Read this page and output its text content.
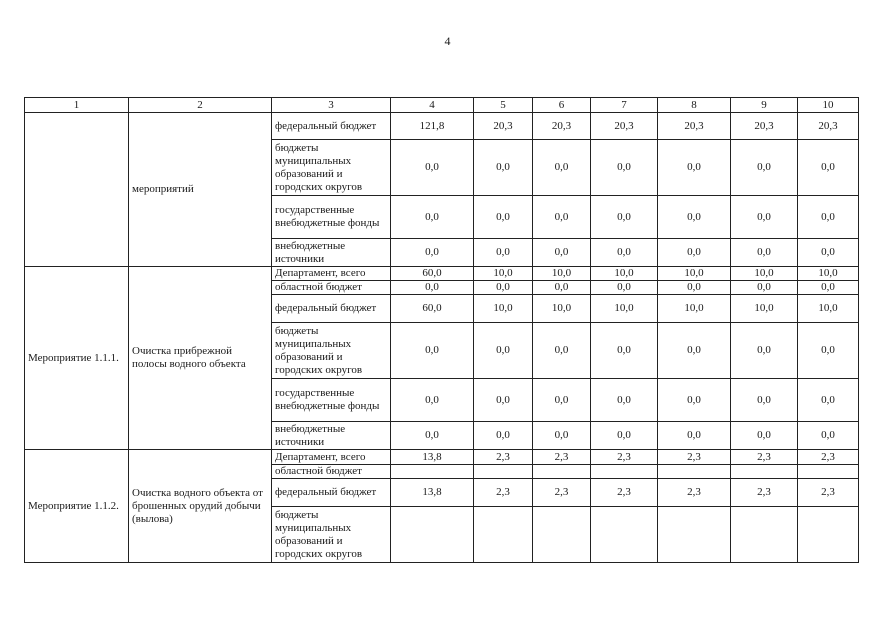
4
1	2	3	4	5	6	7	8	9	10
	мероприятий	федеральный бюджет	121,8	20,3	20,3	20,3	20,3	20,3	20,3
		бюджеты муниципальных образований и городских округов	0,0	0,0	0,0	0,0	0,0	0,0	0,0
		государственные внебюджетные фонды	0,0	0,0	0,0	0,0	0,0	0,0	0,0
		внебюджетные источники	0,0	0,0	0,0	0,0	0,0	0,0	0,0
Мероприятие 1.1.1.	Очистка прибрежной полосы водного объекта	Департамент, всего	60,0	10,0	10,0	10,0	10,0	10,0	10,0
		областной бюджет	0,0	0,0	0,0	0,0	0,0	0,0	0,0
		федеральный бюджет	60,0	10,0	10,0	10,0	10,0	10,0	10,0
		бюджеты муниципальных образований и городских округов	0,0	0,0	0,0	0,0	0,0	0,0	0,0
		государственные внебюджетные фонды	0,0	0,0	0,0	0,0	0,0	0,0	0,0
		внебюджетные источники	0,0	0,0	0,0	0,0	0,0	0,0	0,0
Мероприятие 1.1.2.	Очистка водного объекта от брошенных орудий добычи (вылова)	Департамент, всего	13,8	2,3	2,3	2,3	2,3	2,3	2,3
		областной бюджет							
		федеральный бюджет	13,8	2,3	2,3	2,3	2,3	2,3	2,3
		бюджеты муниципальных образований и городских округов							
